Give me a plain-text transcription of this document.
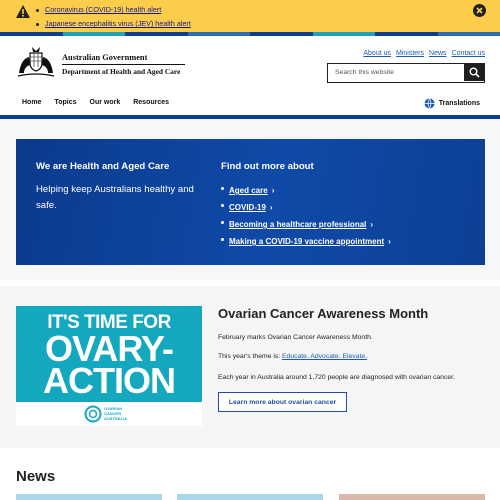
Coronavirus (COVID-19) health alert
Japanese encephalitis virus (JEV) health alert
Australian Government
Department of Health and Aged Care
About us Ministers News Contact us
Search this website
Home Topics Our work Resources	Translations
We are Health and Aged Care
Helping keep Australians healthy and safe.
Find out more about
Aged care ›
COVID-19 ›
Becoming a healthcare professional ›
Making a COVID-19 vaccine appointment ›
IT'S TIME FOR
OVARY-
ACTION
OVARIAN
CANCER
AUSTRALIA
Ovarian Cancer Awareness Month

February marks Ovarian Cancer Awareness Month.

This year's theme is: Educate. Advocate. Elevate.

Each year in Australia around 1,720 people are diagnosed with ovarian cancer.

Learn more about ovarian cancer
News
